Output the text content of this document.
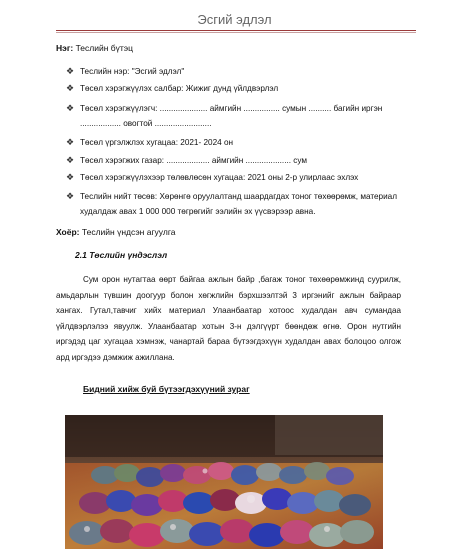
Эсгий эдлэл
Нэг: Теслийн бүтэц
❖ Теслийн нэр: "Эсгий эдлэл"
❖ Төсөл хэрэгжүүлэх салбар: Жижиг дунд үйлдвэрлэл
❖ Төсөл хэрэгжүүлэгч: ..................... аймгийн ................ сумын .......... багийн иргэн .................. овогтой .........................
❖ Төсөл үргэлжлэх хугацаа: 2021- 2024 он
❖ Төсөл хэрэгжих газар: ................... аймгийн .................... сум
❖ Төсөл хэрэгжүүлэхээр төлөвлөсөн хугацаа: 2021 оны 2-р улирлаас эхлэх
❖ Теслийн нийт төсөв: Хөрөнгө оруулалтанд шаардагдах тоног төхөөрөмж, материал худалдаж авах 1 000 000 төгрөгийг ээлийн эх үүсвэрээр авна.
Хоёр: Теслийн үндсэн агуулга
2.1 Төслийн үндэслэл
Сум орон нутагтаа өөрт байгаа ажлын байр ,багаж тоног төхөөрөмжинд суурилж, амьдарлын түвшин доогуур болон хөгжлийн бэрхшээлтэй 3 иргэнийг ажлын байраар хангах. Гутал,тавчиг хийх материал Улаанбаатар хотоос худалдан авч сумандаа үйлдвэрлэлээ явуулж. Улаанбаатар хотын 3-н дэлгүүрт бөөндөж өгнө. Орон нутгийн иргэдэд цаг хугацаа хэмнэж, чанартай бараа бүтээгдэхүүн худалдан авах болоцоо олгож ард иргэдээ дэмжиж ажиллана.
Бидний хийж буй бүтээгдэхүүний зураг
